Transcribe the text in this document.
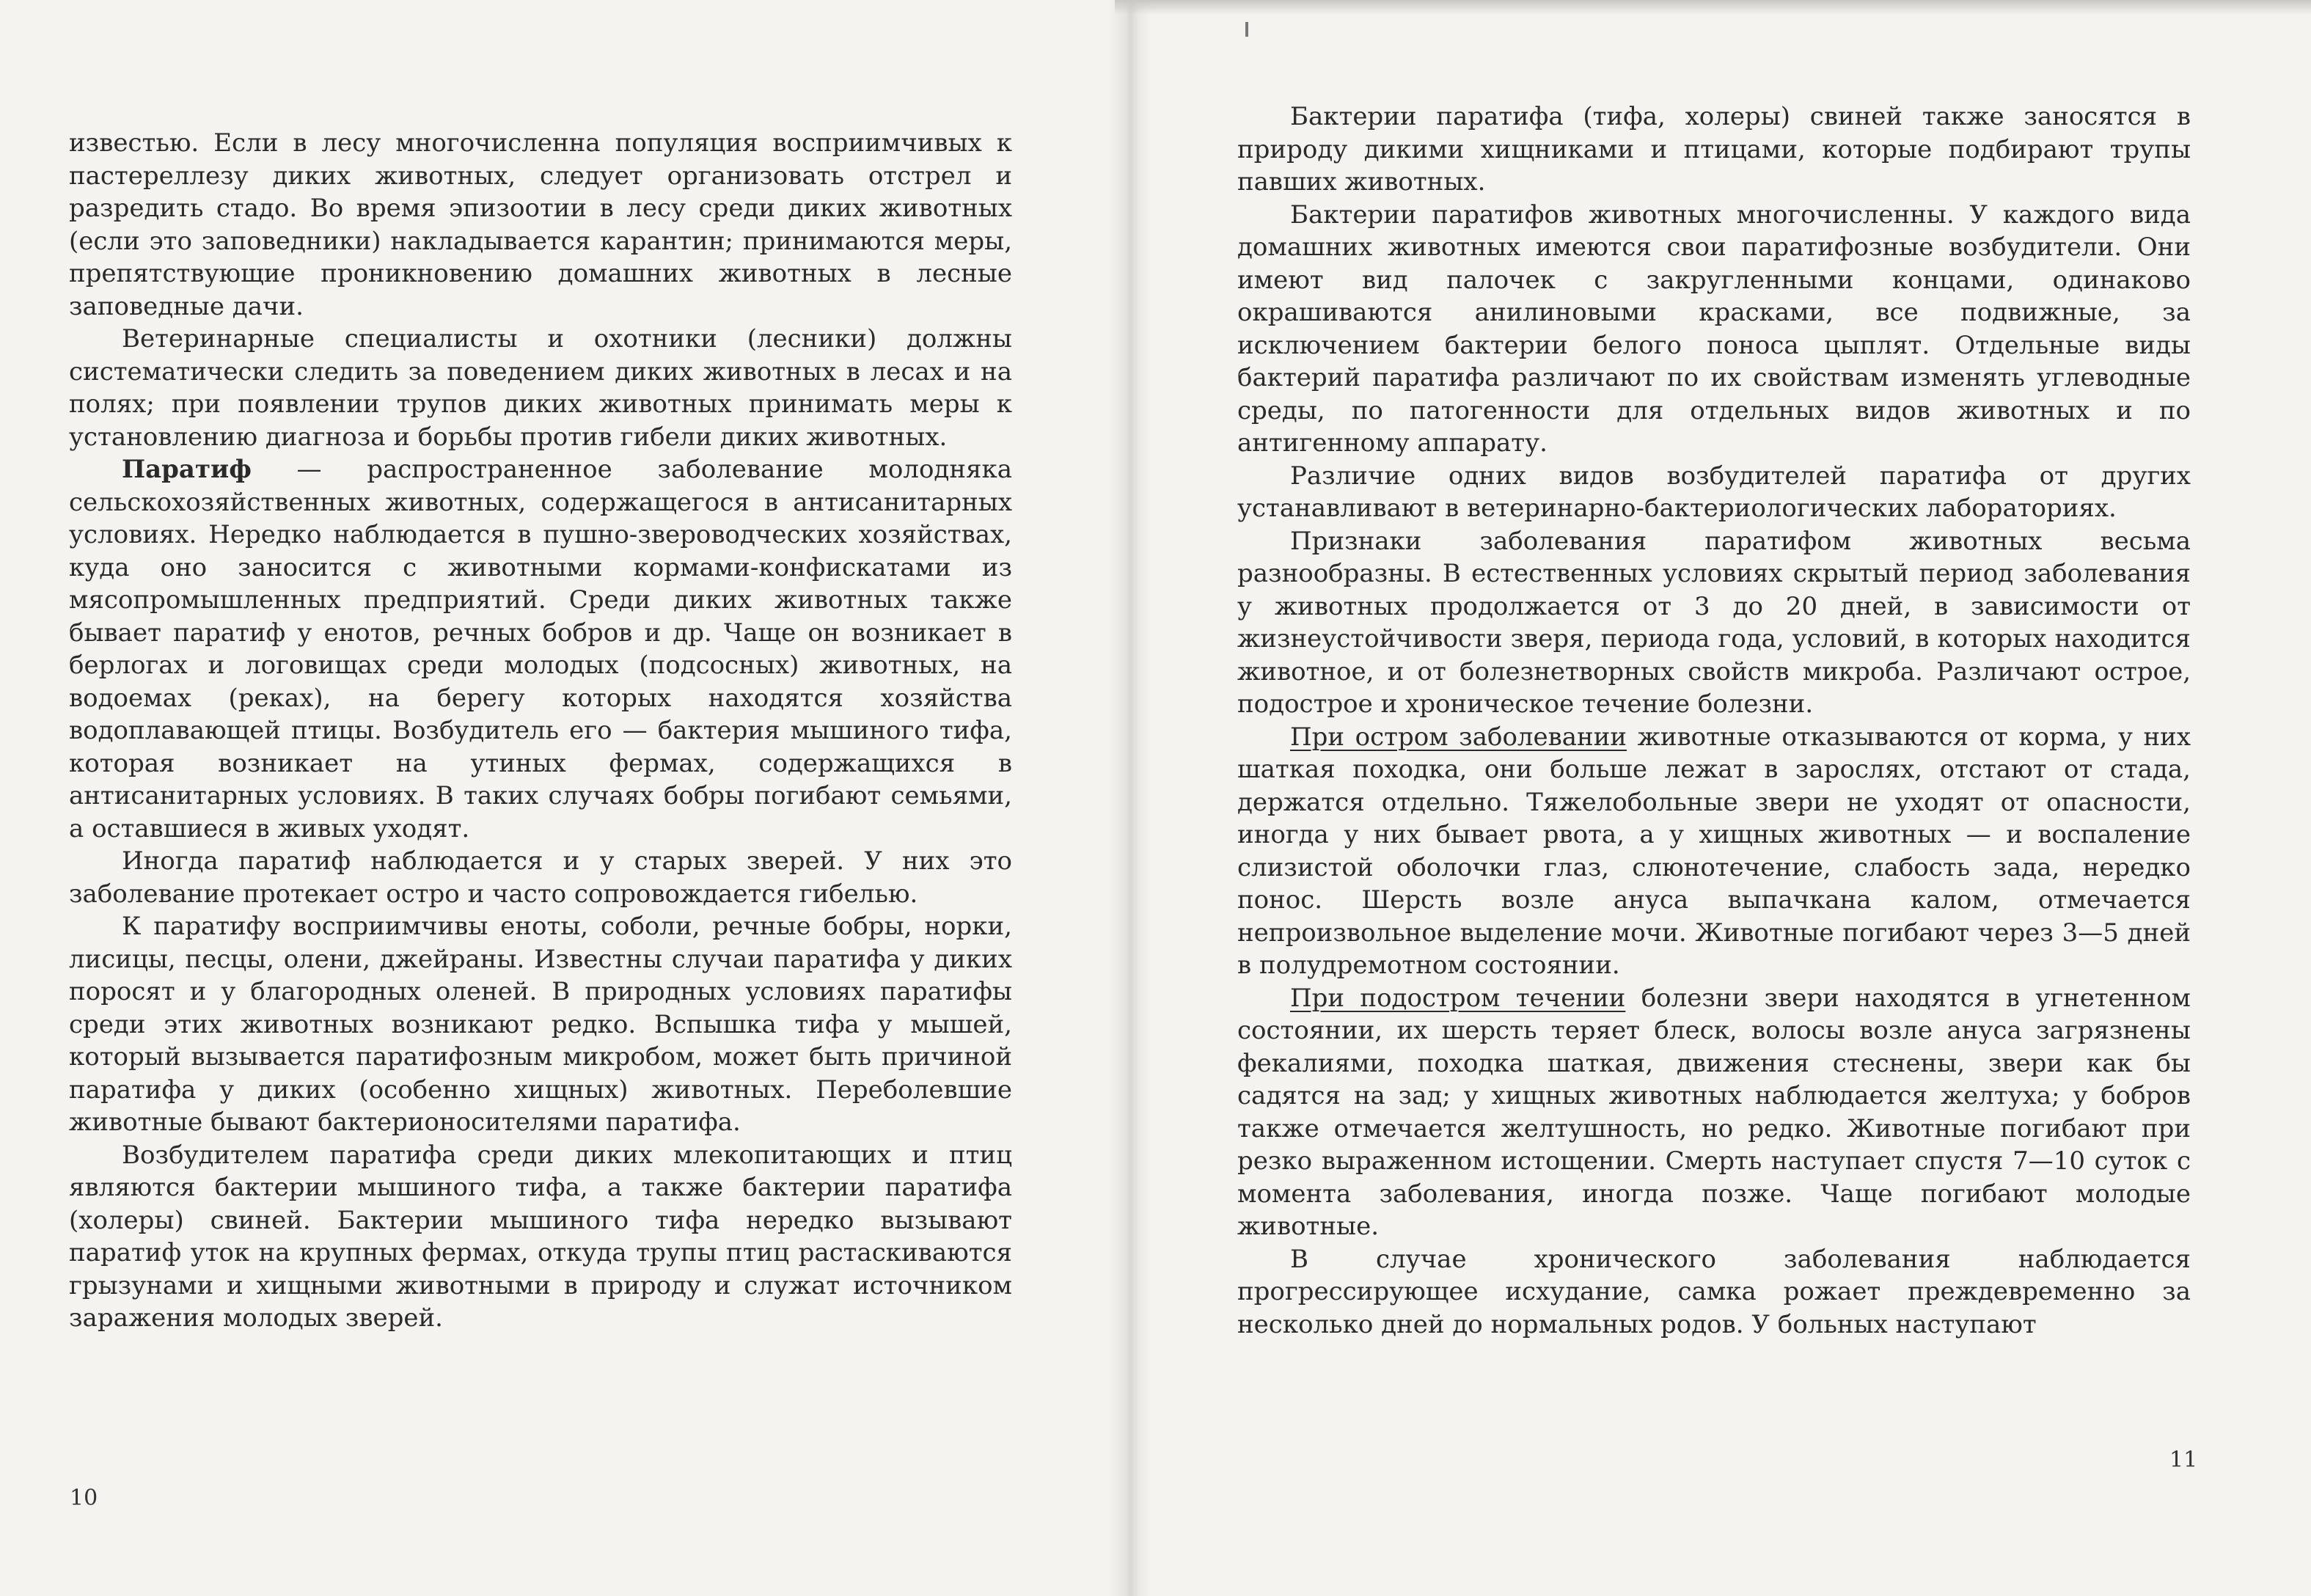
известью. Если в лесу многочисленна популяция восприимчивых к пастереллезу диких животных, следует организовать отстрел и разредить стадо. Во время эпизоотии в лесу среди диких животных (если это заповедники) накладывается карантин; принимаются меры, препятствующие проникновению домашних животных в лесные заповедные дачи.

Ветеринарные специалисты и охотники (лесники) должны систематически следить за поведением диких животных в лесах и на полях; при появлении трупов диких животных принимать меры к установлению диагноза и борьбы против гибели диких животных.

Паратиф — распространенное заболевание молодняка сельскохозяйственных животных, содержащегося в антисанитарных условиях. Нередко наблюдается в пушно-звероводческих хозяйствах, куда оно заносится с животными кормами-конфискатами из мясопромышленных предприятий. Среди диких животных также бывает паратиф у енотов, речных бобров и др. Чаще он возникает в берлогах и логовищах среди молодых (подсосных) животных, на водоемах (реках), на берегу которых находятся хозяйства водоплавающей птицы. Возбудитель его — бактерия мышиного тифа, которая возникает на утиных фермах, содержащихся в антисанитарных условиях. В таких случаях бобры погибают семьями, а оставшиеся в живых уходят.

Иногда паратиф наблюдается и у старых зверей. У них это заболевание протекает остро и часто сопровождается гибелью.

К паратифу восприимчивы еноты, соболи, речные бобры, норки, лисицы, песцы, олени, джейраны. Известны случаи паратифа у диких поросят и у благородных оленей. В природных условиях паратифы среди этих животных возникают редко. Вспышка тифа у мышей, который вызывается паратифозным микробом, может быть причиной паратифа у диких (особенно хищных) животных. Переболевшие животные бывают бактерионосителями паратифа.

Возбудителем паратифа среди диких млекопитающих и птиц являются бактерии мышиного тифа, а также бактерии паратифа (холеры) свиней. Бактерии мышиного тифа нередко вызывают паратиф уток на крупных фермах, откуда трупы птиц растаскиваются грызунами и хищными животными в природу и служат источником заражения молодых зверей.

10

Бактерии паратифа (тифа, холеры) свиней также заносятся в природу дикими хищниками и птицами, которые подбирают трупы павших животных.

Бактерии паратифов животных многочисленны. У каждого вида домашних животных имеются свои паратифозные возбудители. Они имеют вид палочек с закругленными концами, одинаково окрашиваются анилиновыми красками, все подвижные, за исключением бактерии белого поноса цыплят. Отдельные виды бактерий паратифа различают по их свойствам изменять углеводные среды, по патогенности для отдельных видов животных и по антигенному аппарату.

Различие одних видов возбудителей паратифа от других устанавливают в ветеринарно-бактериологических лабораториях.

Признаки заболевания паратифом животных весьма разнообразны. В естественных условиях скрытый период заболевания у животных продолжается от 3 до 20 дней, в зависимости от жизнеустойчивости зверя, периода года, условий, в которых находится животное, и от болезнетворных свойств микроба. Различают острое, подострое и хроническое течение болезни.

При остром заболевании животные отказываются от корма, у них шаткая походка, они больше лежат в зарослях, отстают от стада, держатся отдельно. Тяжелобольные звери не уходят от опасности, иногда у них бывает рвота, а у хищных животных — и воспаление слизистой оболочки глаз, слюнотечение, слабость зада, нередко понос. Шерсть возле ануса выпачкана калом, отмечается непроизвольное выделение мочи. Животные погибают через 3—5 дней в полудремотном состоянии.

При подостром течении болезни звери находятся в угнетенном состоянии, их шерсть теряет блеск, волосы возле ануса загрязнены фекалиями, походка шаткая, движения стеснены, звери как бы садятся на зад; у хищных животных наблюдается желтуха; у бобров также отмечается желтушность, но редко. Животные погибают при резко выраженном истощении. Смерть наступает спустя 7—10 суток с момента заболевания, иногда позже. Чаще погибают молодые животные.

В случае хронического заболевания наблюдается прогрессирующее исхудание, самка рожает преждевременно за несколько дней до нормальных родов. У больных наступают

11
